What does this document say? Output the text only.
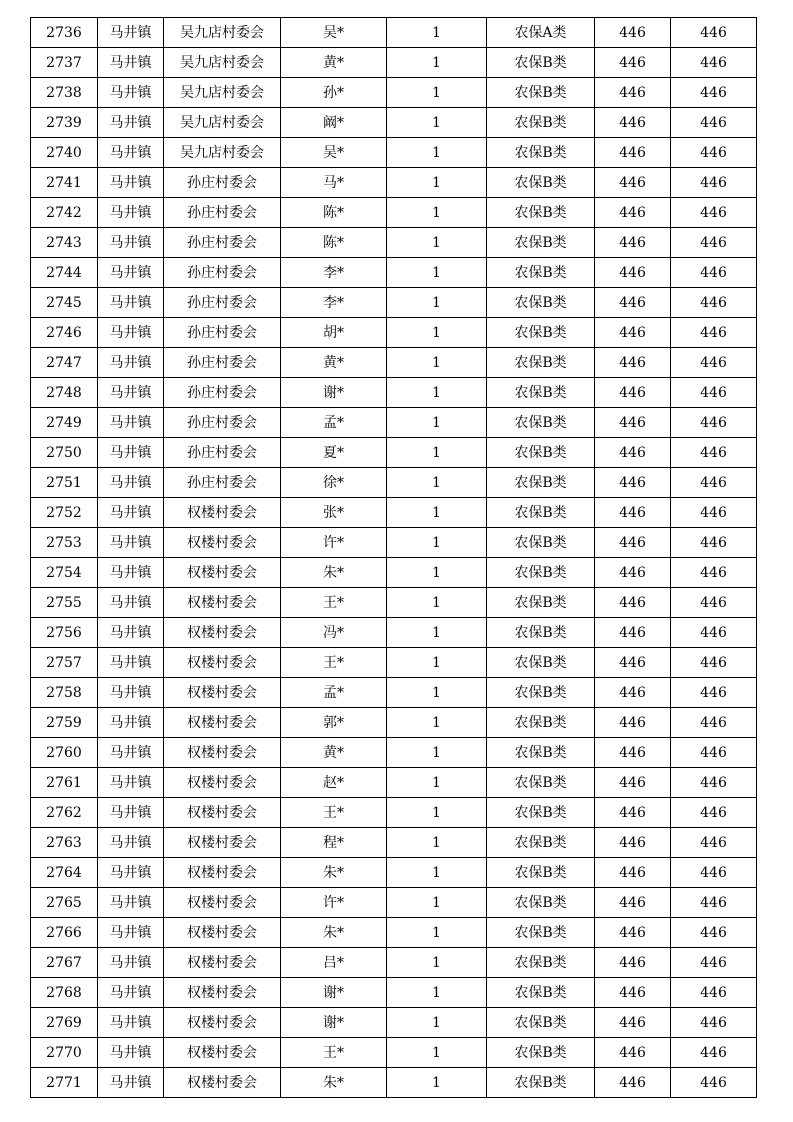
2736	马井镇	吴九店村委会	吴*	1	农保A类	446	446
2737	马井镇	吴九店村委会	黄*	1	农保B类	446	446
2738	马井镇	吴九店村委会	孙*	1	农保B类	446	446
2739	马井镇	吴九店村委会	阚*	1	农保B类	446	446
2740	马井镇	吴九店村委会	吴*	1	农保B类	446	446
2741	马井镇	孙庄村委会	马*	1	农保B类	446	446
2742	马井镇	孙庄村委会	陈*	1	农保B类	446	446
2743	马井镇	孙庄村委会	陈*	1	农保B类	446	446
2744	马井镇	孙庄村委会	李*	1	农保B类	446	446
2745	马井镇	孙庄村委会	李*	1	农保B类	446	446
2746	马井镇	孙庄村委会	胡*	1	农保B类	446	446
2747	马井镇	孙庄村委会	黄*	1	农保B类	446	446
2748	马井镇	孙庄村委会	谢*	1	农保B类	446	446
2749	马井镇	孙庄村委会	孟*	1	农保B类	446	446
2750	马井镇	孙庄村委会	夏*	1	农保B类	446	446
2751	马井镇	孙庄村委会	徐*	1	农保B类	446	446
2752	马井镇	权楼村委会	张*	1	农保B类	446	446
2753	马井镇	权楼村委会	许*	1	农保B类	446	446
2754	马井镇	权楼村委会	朱*	1	农保B类	446	446
2755	马井镇	权楼村委会	王*	1	农保B类	446	446
2756	马井镇	权楼村委会	冯*	1	农保B类	446	446
2757	马井镇	权楼村委会	王*	1	农保B类	446	446
2758	马井镇	权楼村委会	孟*	1	农保B类	446	446
2759	马井镇	权楼村委会	郭*	1	农保B类	446	446
2760	马井镇	权楼村委会	黄*	1	农保B类	446	446
2761	马井镇	权楼村委会	赵*	1	农保B类	446	446
2762	马井镇	权楼村委会	王*	1	农保B类	446	446
2763	马井镇	权楼村委会	程*	1	农保B类	446	446
2764	马井镇	权楼村委会	朱*	1	农保B类	446	446
2765	马井镇	权楼村委会	许*	1	农保B类	446	446
2766	马井镇	权楼村委会	朱*	1	农保B类	446	446
2767	马井镇	权楼村委会	吕*	1	农保B类	446	446
2768	马井镇	权楼村委会	谢*	1	农保B类	446	446
2769	马井镇	权楼村委会	谢*	1	农保B类	446	446
2770	马井镇	权楼村委会	王*	1	农保B类	446	446
2771	马井镇	权楼村委会	朱*	1	农保B类	446	446
